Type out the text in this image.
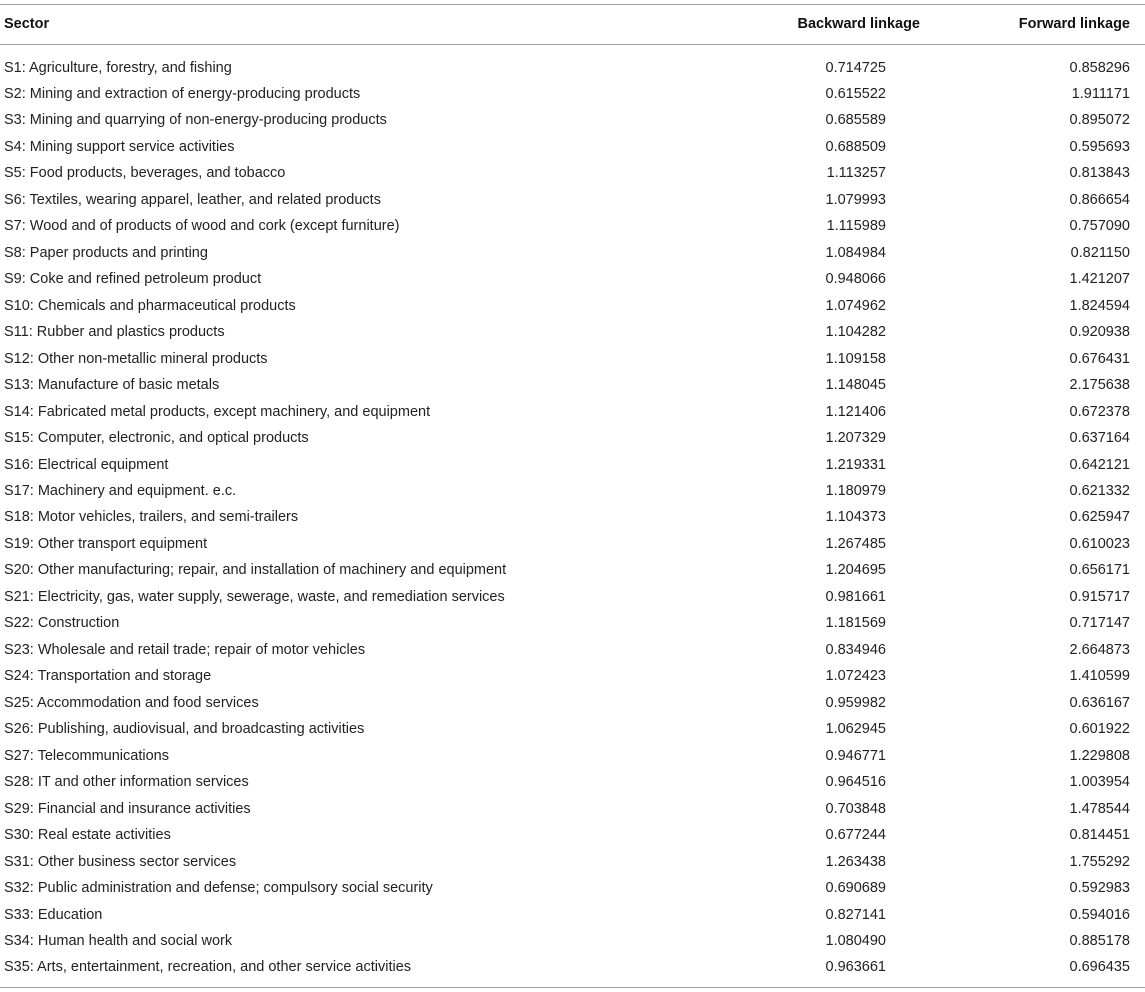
Sector	Backward linkage	Forward linkage
S1: Agriculture, forestry, and fishing	0.714725	0.858296
S2: Mining and extraction of energy-producing products	0.615522	1.911171
S3: Mining and quarrying of non-energy-producing products	0.685589	0.895072
S4: Mining support service activities	0.688509	0.595693
S5: Food products, beverages, and tobacco	1.113257	0.813843
S6: Textiles, wearing apparel, leather, and related products	1.079993	0.866654
S7: Wood and of products of wood and cork (except furniture)	1.115989	0.757090
S8: Paper products and printing	1.084984	0.821150
S9: Coke and refined petroleum product	0.948066	1.421207
S10: Chemicals and pharmaceutical products	1.074962	1.824594
S11: Rubber and plastics products	1.104282	0.920938
S12: Other non-metallic mineral products	1.109158	0.676431
S13: Manufacture of basic metals	1.148045	2.175638
S14: Fabricated metal products, except machinery, and equipment	1.121406	0.672378
S15: Computer, electronic, and optical products	1.207329	0.637164
S16: Electrical equipment	1.219331	0.642121
S17: Machinery and equipment. e.c.	1.180979	0.621332
S18: Motor vehicles, trailers, and semi-trailers	1.104373	0.625947
S19: Other transport equipment	1.267485	0.610023
S20: Other manufacturing; repair, and installation of machinery and equipment	1.204695	0.656171
S21: Electricity, gas, water supply, sewerage, waste, and remediation services	0.981661	0.915717
S22: Construction	1.181569	0.717147
S23: Wholesale and retail trade; repair of motor vehicles	0.834946	2.664873
S24: Transportation and storage	1.072423	1.410599
S25: Accommodation and food services	0.959982	0.636167
S26: Publishing, audiovisual, and broadcasting activities	1.062945	0.601922
S27: Telecommunications	0.946771	1.229808
S28: IT and other information services	0.964516	1.003954
S29: Financial and insurance activities	0.703848	1.478544
S30: Real estate activities	0.677244	0.814451
S31: Other business sector services	1.263438	1.755292
S32: Public administration and defense; compulsory social security	0.690689	0.592983
S33: Education	0.827141	0.594016
S34: Human health and social work	1.080490	0.885178
S35: Arts, entertainment, recreation, and other service activities	0.963661	0.696435
